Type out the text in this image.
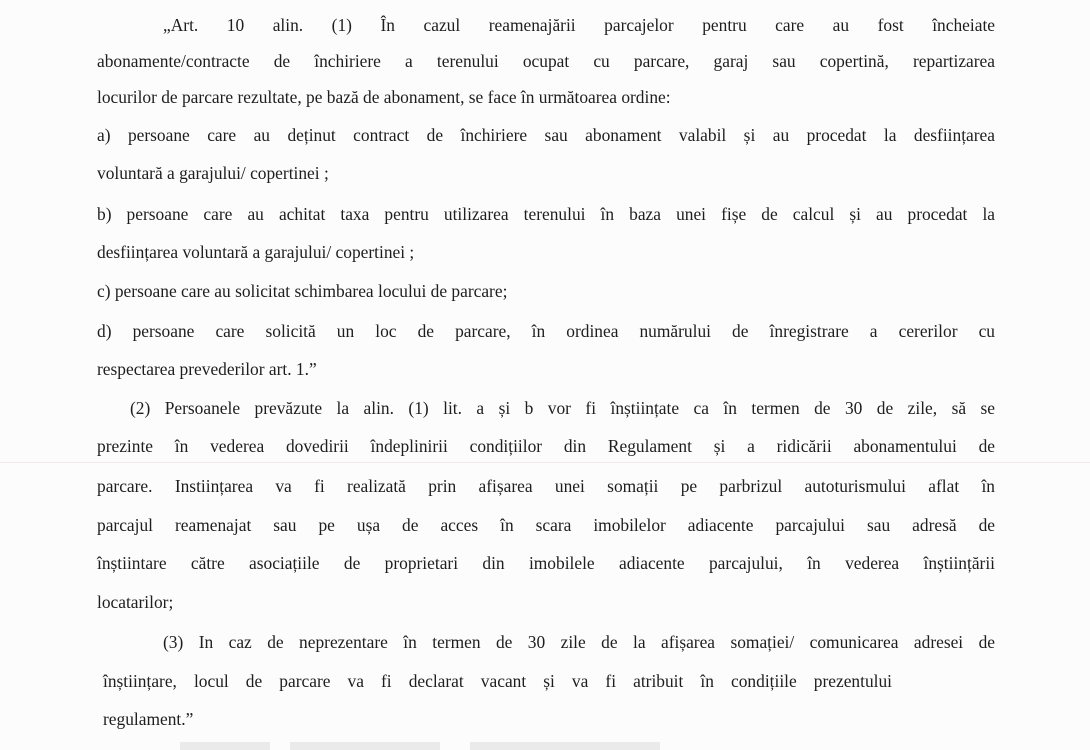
„Art. 10 alin. (1) În cazul reamenajării parcajelor pentru care au fost încheiate

abonamente/contracte de închiriere a terenului ocupat cu parcare, garaj sau copertină, repartizarea

locurilor de parcare rezultate, pe bază de abonament, se face în următoarea ordine:

a) persoane care au deținut contract de închiriere sau abonament valabil și au procedat la desființarea

voluntară a garajului/ copertinei ;

b) persoane care au achitat taxa pentru utilizarea terenului în baza unei fișe de calcul și au procedat la

desființarea voluntară a garajului/ copertinei ;

c) persoane care au solicitat schimbarea locului de parcare;

d) persoane care solicită un loc de parcare, în ordinea numărului de înregistrare a cererilor cu

respectarea prevederilor art. 1.”

(2) Persoanele prevăzute la alin. (1) lit. a și b vor fi înștiințate ca în termen de 30 de zile, să se

prezinte în vederea dovedirii îndeplinirii condițiilor din Regulament și a ridicării abonamentului de

parcare. Instiințarea va fi realizată prin afișarea unei somații pe parbrizul autoturismului aflat în

parcajul reamenajat sau pe ușa de acces în scara imobilelor adiacente parcajului sau adresă de

înștiintare către asociațiile de proprietari din imobilele adiacente parcajului, în vederea înștiințării

locatarilor;

(3) In caz de neprezentare în termen de 30 zile de la afișarea somației/ comunicarea adresei de

înștiințare, locul de parcare va fi declarat vacant și va fi atribuit în condițiile prezentului

regulament.”
